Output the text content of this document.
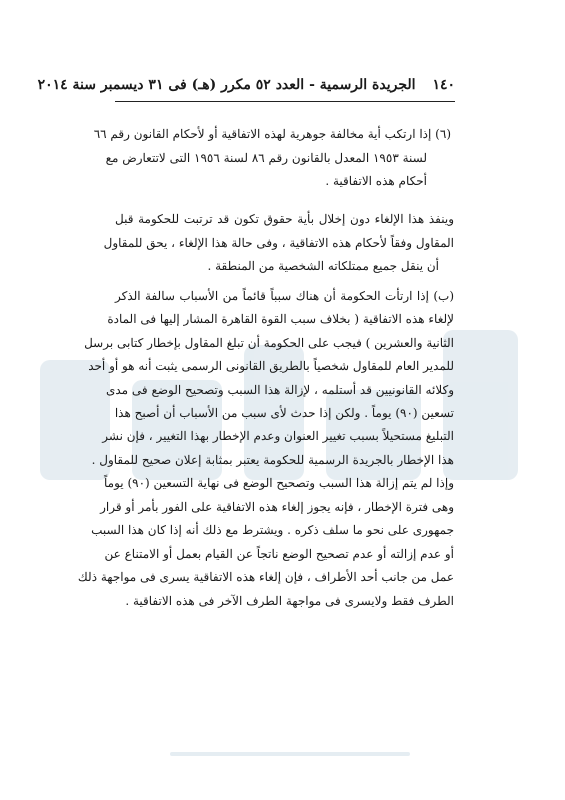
١٤٠ الجريدة الرسمية - العدد ٥٢ مكرر (هـ) فى ٣١ ديسمبر سنة ٢٠١٤
(٦) إذا ارتكب أية مخالفة جوهرية لهذه الاتفاقية أو لأحكام القانون رقم ٦٦
لسنة ١٩٥٣ المعدل بالقانون رقم ٨٦ لسنة ١٩٥٦ التى لاتتعارض مع
أحكام هذه الاتفاقية .
وينفذ هذا الإلغاء دون إخلال بأية حقوق تكون قد ترتبت للحكومة قبل
المقاول وفقاً لأحكام هذه الاتفاقية ، وفى حالة هذا الإلغاء ، يحق للمقاول
أن ينقل جميع ممتلكاته الشخصية من المنطقة .
(ب) إذا ارتأت الحكومة أن هناك سبباً قائماً من الأسباب سالفة الذكر
لإلغاء هذه الاتفاقية ( بخلاف سبب القوة القاهرة المشار إليها فى المادة
الثانية والعشرين ) فيجب على الحكومة أن تبلغ المقاول بإخطار كتابى برسل
للمدير العام للمقاول شخصياً بالطريق القانونى الرسمى يثبت أنه هو أو أحد
وكلائه القانونيين قد أستلمه ، لإزالة هذا السبب وتصحيح الوضع فى مدى
تسعين (٩٠) يوماً . ولكن إذا حدث لأى سبب من الأسباب أن أصبح هذا
التبليغ مستحيلاً بسبب تغيير العنوان وعدم الإخطار بهذا التغيير ، فإن نشر
هذا الإخطار بالجريدة الرسمية للحكومة يعتبر بمثابة إعلان صحيح للمقاول .
وإذا لم يتم إزالة هذا السبب وتصحيح الوضع فى نهاية التسعين (٩٠) يوماً
وهى فترة الإخطار ، فإنه يجوز إلغاء هذه الاتفاقية على الفور بأمر أو قرار
جمهورى على نحو ما سلف ذكره . ويشترط مع ذلك أنه إذا كان هذا السبب
أو عدم إزالته أو عدم تصحيح الوضع ناتجاً عن القيام بعمل أو الامتناع عن
عمل من جانب أحد الأطراف ، فإن إلغاء هذه الاتفاقية يسرى فى مواجهة ذلك
الطرف فقط ولايسرى فى مواجهة الطرف الآخر فى هذه الاتفاقية .
